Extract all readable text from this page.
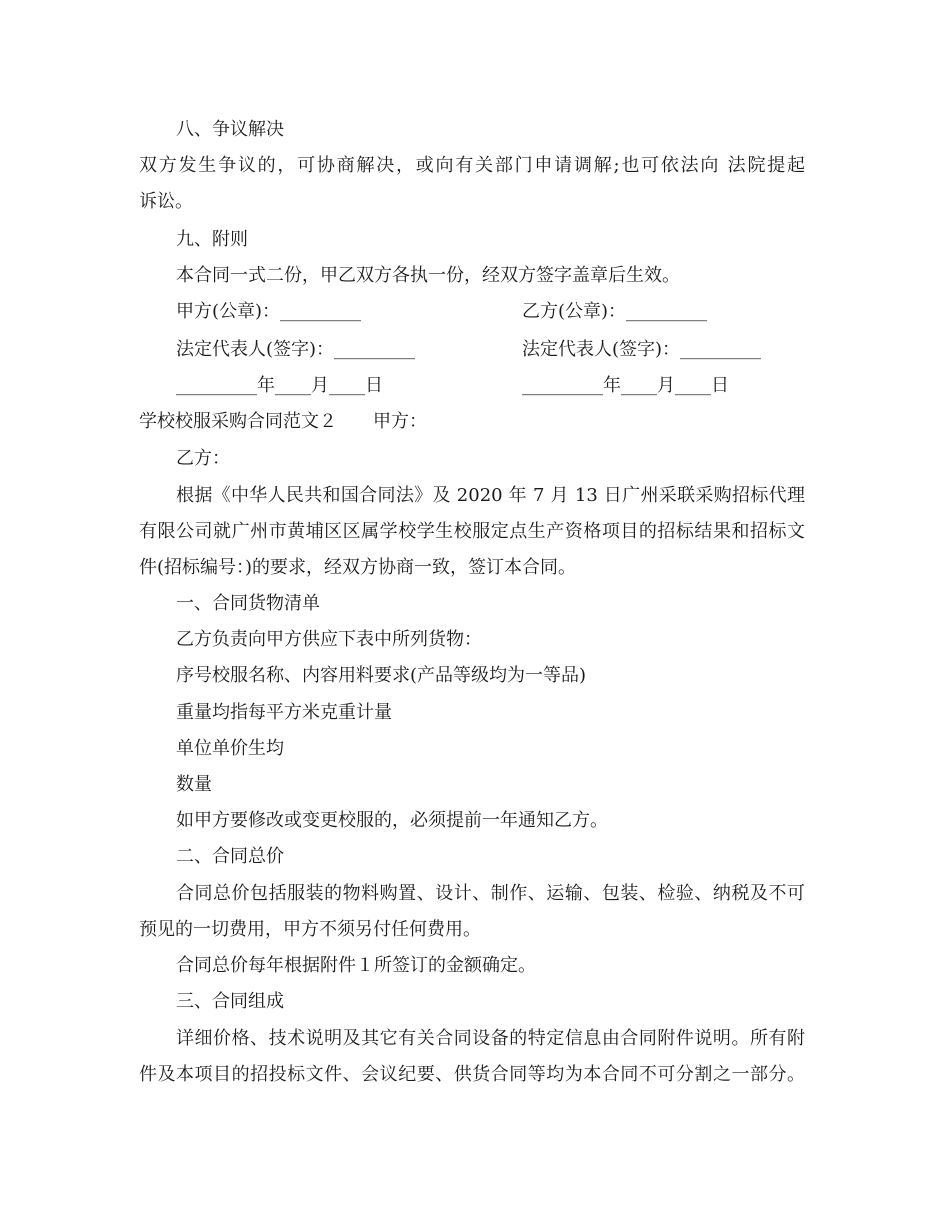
八、争议解决
双方发生争议的，可协商解决，或向有关部门申请调解;也可依法向 法院提起
诉讼。
九、附则
本合同一式二份，甲乙双方各执一份，经双方签字盖章后生效。
甲方(公章)：_________	乙方(公章)：_________
法定代表人(签字)：_________	法定代表人(签字)：_________
_________年____月____日	_________年____月____日
学校校服采购合同范文２　　甲方：
乙方：
根据《中华人民共和国合同法》及 2020 年 7 月 13 日广州采联采购招标代理
有限公司就广州市黄埔区区属学校学生校服定点生产资格项目的招标结果和招标文
件(招标编号：)的要求，经双方协商一致，签订本合同。
一、合同货物清单
乙方负责向甲方供应下表中所列货物：
序号校服名称、内容用料要求(产品等级均为一等品)
重量均指每平方米克重计量
单位单价生均
数量
如甲方要修改或变更校服的，必须提前一年通知乙方。
二、合同总价
合同总价包括服装的物料购置、设计、制作、运输、包装、检验、纳税及不可
预见的一切费用，甲方不须另付任何费用。
合同总价每年根据附件１所签订的金额确定。
三、合同组成
详细价格、技术说明及其它有关合同设备的特定信息由合同附件说明。所有附
件及本项目的招投标文件、会议纪要、供货合同等均为本合同不可分割之一部分。
